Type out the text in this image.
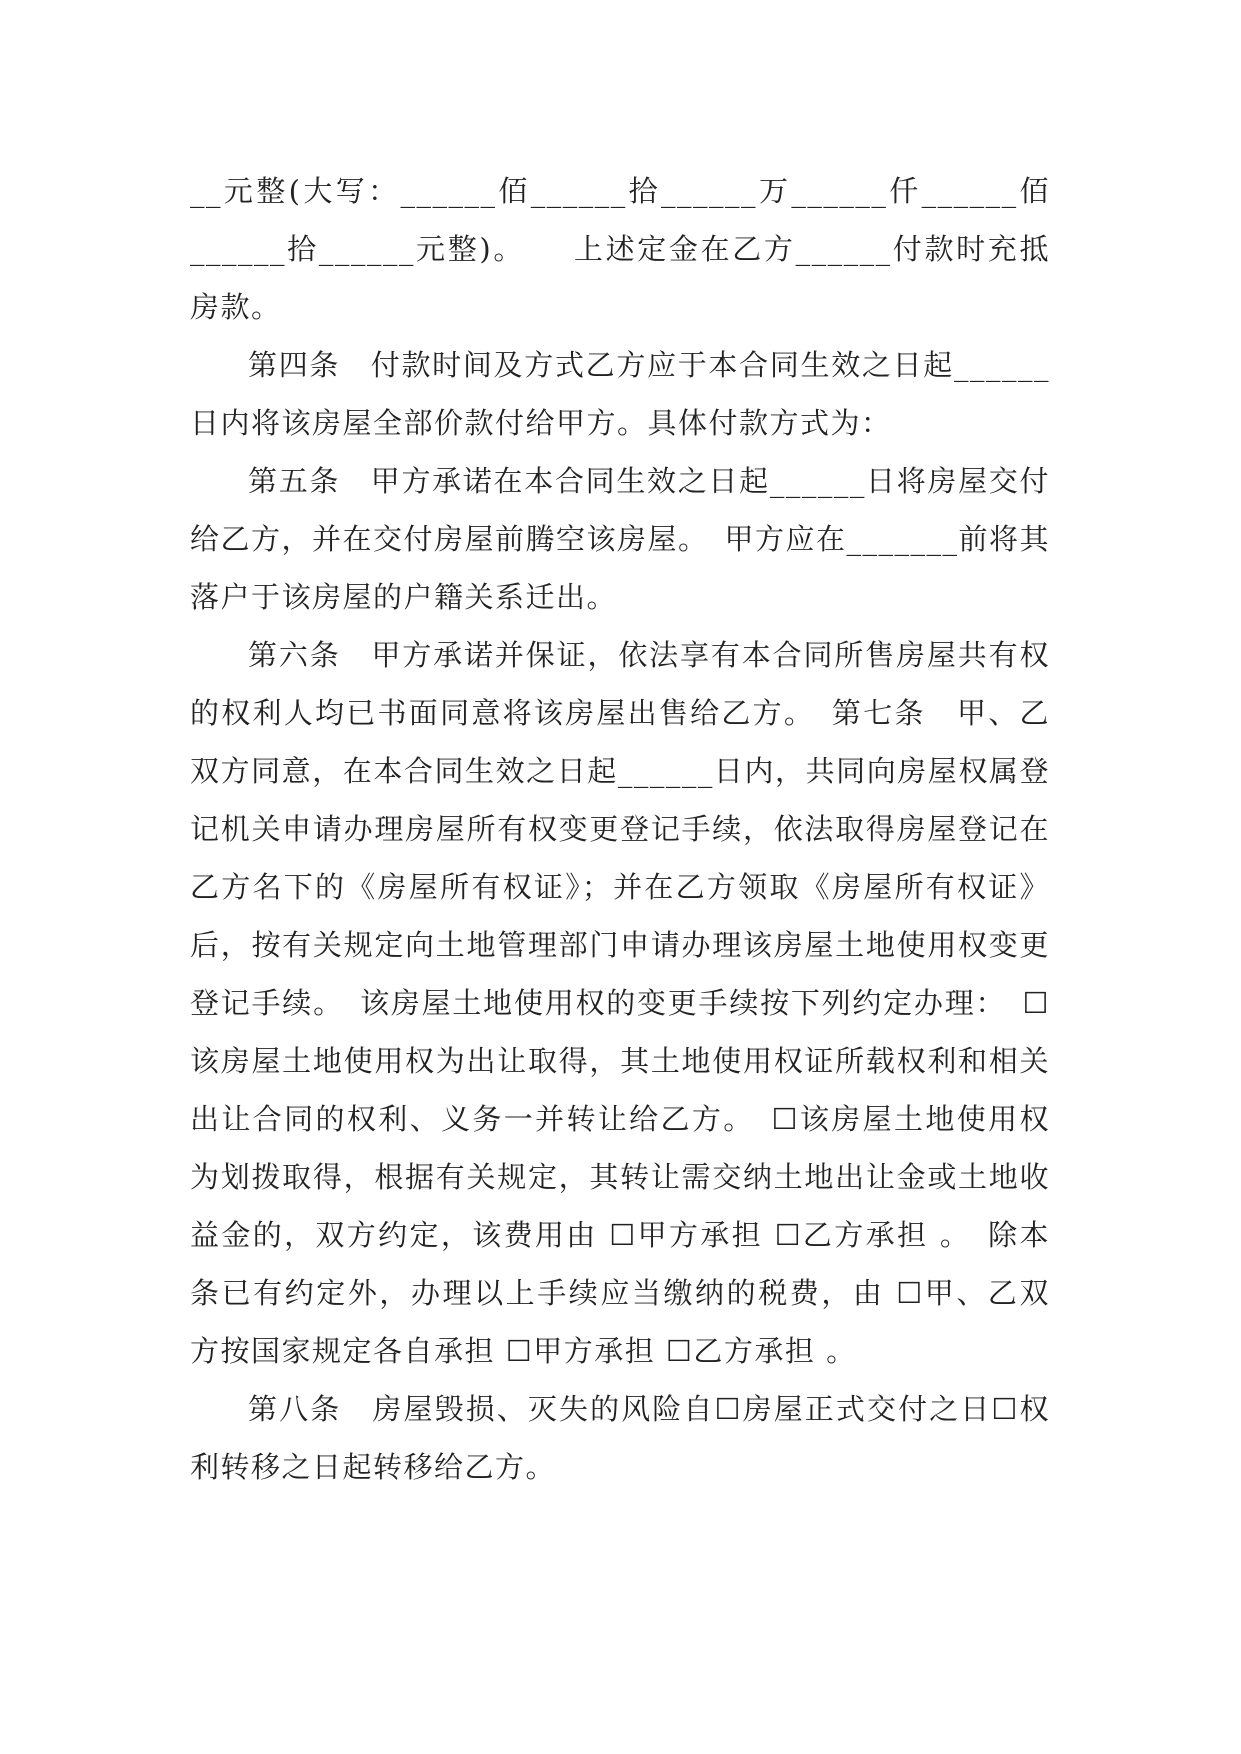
__元整(大写：______佰______拾______万______仟______佰______拾______元整)。　　上述定金在乙方______付款时充抵房款。

第四条　付款时间及方式乙方应于本合同生效之日起______日内将该房屋全部价款付给甲方。具体付款方式为：

第五条　甲方承诺在本合同生效之日起______日将房屋交付给乙方，并在交付房屋前腾空该房屋。　甲方应在_______前将其落户于该房屋的户籍关系迁出。

第六条　甲方承诺并保证，依法享有本合同所售房屋共有权的权利人均已书面同意将该房屋出售给乙方。　第七条　甲、乙双方同意，在本合同生效之日起______日内，共同向房屋权属登记机关申请办理房屋所有权变更登记手续，依法取得房屋登记在乙方名下的《房屋所有权证》；并在乙方领取《房屋所有权证》后，按有关规定向土地管理部门申请办理该房屋土地使用权变更登记手续。　该房屋土地使用权的变更手续按下列约定办理：　☐该房屋土地使用权为出让取得，其土地使用权证所载权利和相关出让合同的权利、义务一并转让给乙方。　☐该房屋土地使用权为划拨取得，根据有关规定，其转让需交纳土地出让金或土地收益金的，双方约定，该费用由 ☐甲方承担 ☐乙方承担 。　除本条已有约定外，办理以上手续应当缴纳的税费，由 ☐甲、乙双方按国家规定各自承担 ☐甲方承担 ☐乙方承担 。

第八条　房屋毁损、灭失的风险自☐房屋正式交付之日☐权利转移之日起转移给乙方。
